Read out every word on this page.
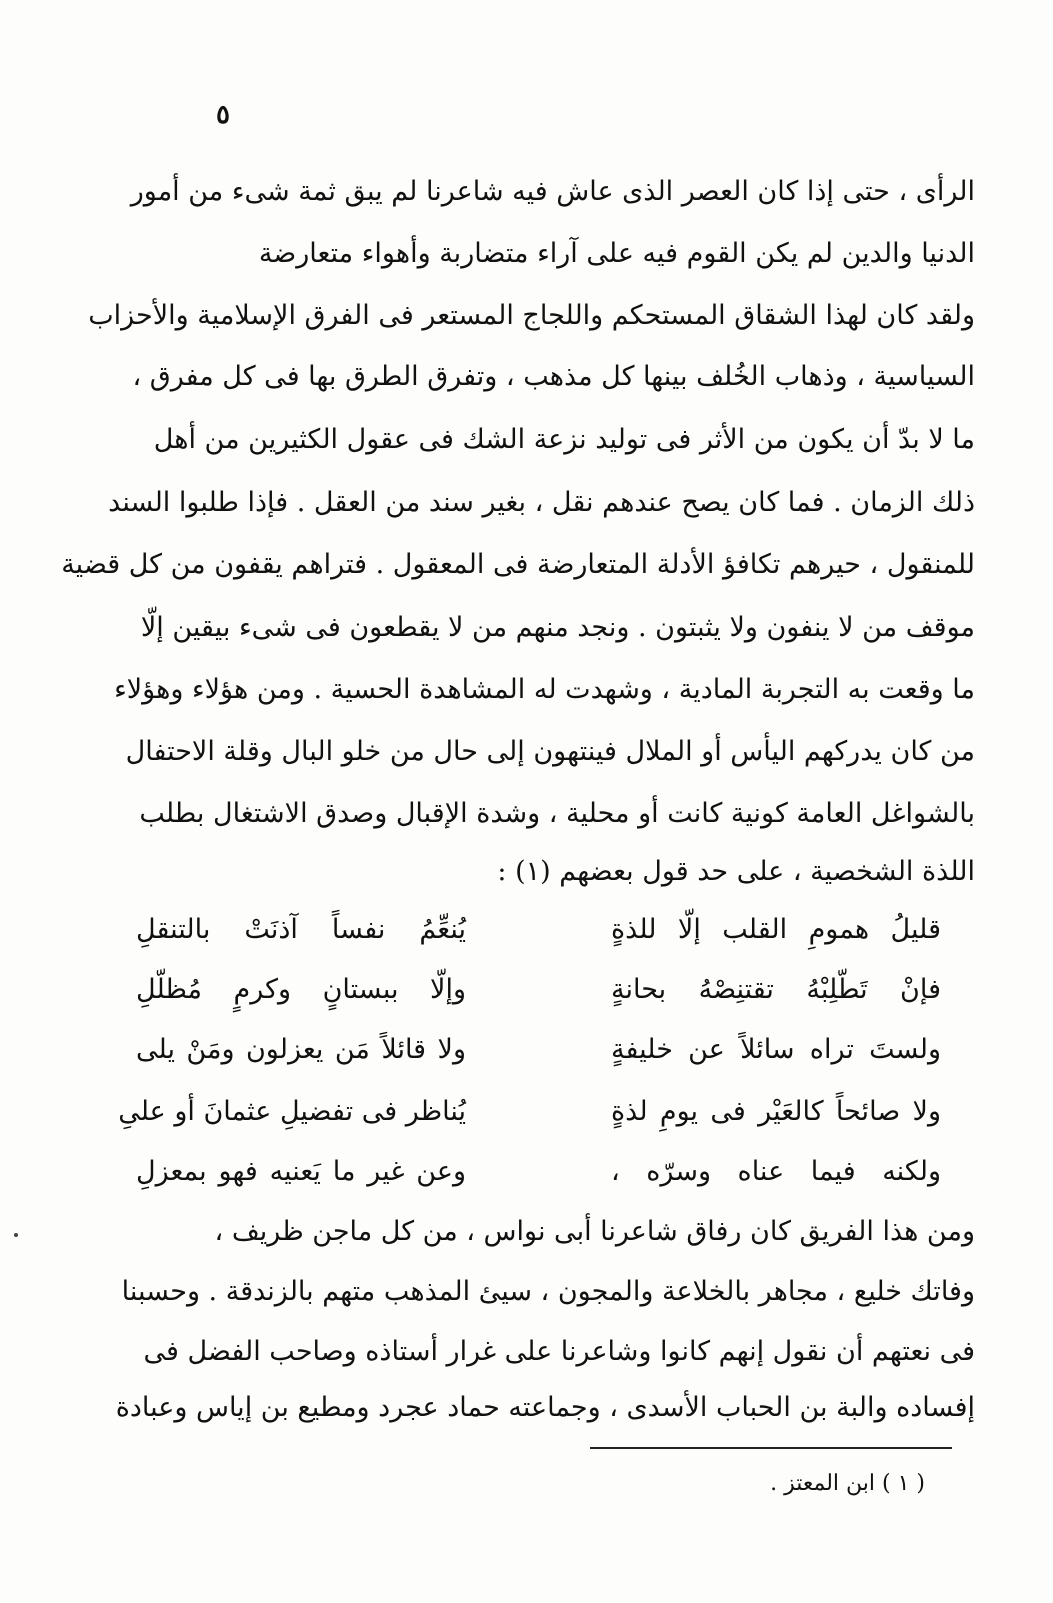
٥
الرأى ، حتى إذا كان العصر الذى عاش فيه شاعرنا لم يبق ثمة شىء من أمور
الدنيا والدين لم يكن القوم فيه على آراء متضاربة وأهواء متعارضة
ولقد كان لهذا الشقاق المستحكم واللجاج المستعر فى الفرق الإسلامية والأحزاب
السياسية ، وذهاب الخُلف بينها كل مذهب ، وتفرق الطرق بها فى كل مفرق ،
ما لا بدّ أن يكون من الأثر فى توليد نزعة الشك فى عقول الكثيرين من أهل
ذلك الزمان . فما كان يصح عندهم نقل ، بغير سند من العقل . فإذا طلبوا السند
للمنقول ، حيرهم تكافؤ الأدلة المتعارضة فى المعقول . فتراهم يقفون من كل قضية
موقف من لا ينفون ولا يثبتون . ونجد منهم من لا يقطعون فى شىء بيقين إلّا
ما وقعت به التجربة المادية ، وشهدت له المشاهدة الحسية . ومن هؤلاء وهؤلاء
من كان يدركهم اليأس أو الملال فينتهون إلى حال من خلو البال وقلة الاحتفال
بالشواغل العامة كونية كانت أو محلية ، وشدة الإقبال وصدق الاشتغال بطلب
اللذة الشخصية ، على حد قول بعضهم (١) :
قليلُ همومِ القلب إلّا للذةٍ
يُنعِّمُ نفساً آذنَتْ بالتنقلِ
فإنْ تَطّلِبْهُ تقتنِصْهُ بحانةٍ
وإلّا ببستانٍ وكرمٍ مُظلّلِ
ولستَ تراه سائلاً عن خليفةٍ
ولا قائلاً مَن يعزلون ومَنْ يلى
ولا صائحاً كالعَيْر فى يومِ لذةٍ
يُناظر فى تفضيلِ عثمانَ أو علىِ
ولكنه فيما عناه وسرّه ،
وعن غير ما يَعنيه فهو بمعزلِ
ومن هذا الفريق كان رفاق شاعرنا أبى نواس ، من كل ماجن ظريف ،
وفاتك خليع ، مجاهر بالخلاعة والمجون ، سيئ المذهب متهم بالزندقة . وحسبنا
فى نعتهم أن نقول إنهم كانوا وشاعرنا على غرار أستاذه وصاحب الفضل فى
إفساده والبة بن الحباب الأسدى ، وجماعته حماد عجرد ومطيع بن إياس وعبادة
( ١ ) ابن المعتز .
